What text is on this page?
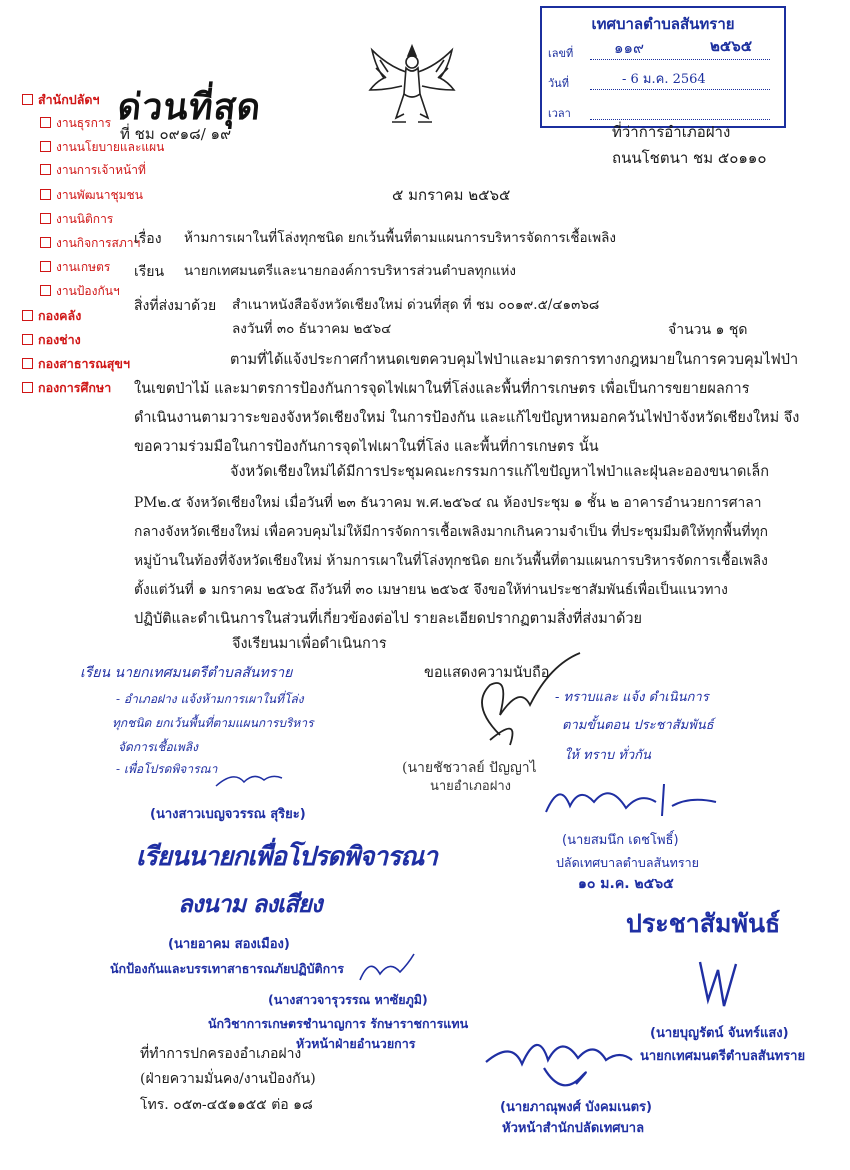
เทศบาลตำบลสันทราย
เลขที่	๑๑๙	๒๕๖๕
วันที่	- 6 ม.ค. 2564
เวลา
สำนักปลัดฯ
งานธุรการ
งานนโยบายและแผน
งานการเจ้าหน้าที่
งานพัฒนาชุมชน
งานนิติการ
งานกิจการสภาฯ
งานเกษตร
งานป้องกันฯ
กองคลัง
กองช่าง
กองสาธารณสุขฯ
กองการศึกษา
ด่วนที่สุด
ที่ ชม ๐๙๑๘/ ๑๙	ที่ว่าการอำเภอฝาง
ถนนโชตนา ชม ๕๐๑๑๐
๕ มกราคม ๒๕๖๕
เรื่อง ห้ามการเผาในที่โล่งทุกชนิด ยกเว้นพื้นที่ตามแผนการบริหารจัดการเชื้อเพลิง
เรียน นายกเทศมนตรีและนายกองค์การบริหารส่วนตำบลทุกแห่ง
สิ่งที่ส่งมาด้วย สำเนาหนังสือจังหวัดเชียงใหม่ ด่วนที่สุด ที่ ชม ๐๐๑๙.๕/๔๑๓๖๘
ลงวันที่ ๓๐ ธันวาคม ๒๕๖๔	จำนวน ๑ ชุด
ตามที่ได้แจ้งประกาศกำหนดเขตควบคุมไฟป่าและมาตรการทางกฎหมายในการควบคุมไฟป่า
ในเขตป่าไม้ และมาตรการป้องกันการจุดไฟเผาในที่โล่งและพื้นที่การเกษตร เพื่อเป็นการขยายผลการ
ดำเนินงานตามวาระของจังหวัดเชียงใหม่ ในการป้องกัน และแก้ไขปัญหาหมอกควันไฟป่าจังหวัดเชียงใหม่ จึง
ขอความร่วมมือในการป้องกันการจุดไฟเผาในที่โล่ง และพื้นที่การเกษตร นั้น
จังหวัดเชียงใหม่ได้มีการประชุมคณะกรรมการแก้ไขปัญหาไฟป่าและฝุ่นละอองขนาดเล็ก
PM๒.๕ จังหวัดเชียงใหม่ เมื่อวันที่ ๒๓ ธันวาคม พ.ศ.๒๕๖๔ ณ ห้องประชุม ๑ ชั้น ๒ อาคารอำนวยการศาลา
กลางจังหวัดเชียงใหม่ เพื่อควบคุมไม่ให้มีการจัดการเชื้อเพลิงมากเกินความจำเป็น ที่ประชุมมีมติให้ทุกพื้นที่ทุก
หมู่บ้านในท้องที่จังหวัดเชียงใหม่ ห้ามการเผาในที่โล่งทุกชนิด ยกเว้นพื้นที่ตามแผนการบริหารจัดการเชื้อเพลิง
ตั้งแต่วันที่ ๑ มกราคม ๒๕๖๕ ถึงวันที่ ๓๐ เมษายน ๒๕๖๕ จึงขอให้ท่านประชาสัมพันธ์เพื่อเป็นแนวทาง
ปฏิบัติและดำเนินการในส่วนที่เกี่ยวข้องต่อไป รายละเอียดปรากฏตามสิ่งที่ส่งมาด้วย
จึงเรียนมาเพื่อดำเนินการ
ขอแสดงความนับถือ
(นายชัชวาลย์ ปัญญาไ
นายอำเภอฝาง
ที่ทำการปกครองอำเภอฝาง
(ฝ่ายความมั่นคง/งานป้องกัน)
โทร. ๐๕๓-๔๕๑๑๕๕ ต่อ ๑๘
เรียน นายกเทศมนตรีตำบลสันทราย
- อำเภอฝาง แจ้งห้ามการเผาในที่โล่ง
ทุกชนิด ยกเว้นพื้นที่ตามแผนการบริหาร
จัดการเชื้อเพลิง
- เพื่อโปรดพิจารณา
(นางสาวเบญจวรรณ สุริยะ)
เรียนนายกเพื่อโปรดพิจารณา
ลงนาม ลงเสียง
(นายอาคม สองเมือง)
นักป้องกันและบรรเทาสาธารณภัยปฏิบัติการ
(นางสาวจารุวรรณ หาซัยภูมิ)
นักวิชาการเกษตรชำนาญการ รักษาราชการแทน
หัวหน้าฝ่ายอำนวยการ
- ทราบและ แจ้ง ดำเนินการ
ตามขั้นตอน ประชาสัมพันธ์
ให้ ทราบ ทั่วกัน
(นายสมนึก เดชโพธิ์)
ปลัดเทศบาลตำบลสันทราย
๑๐ ม.ค. ๒๕๖๕
ประชาสัมพันธ์
(นายบุญรัตน์ จันทร์แสง)
นายกเทศมนตรีตำบลสันทราย
(นายภาณุพงศ์ บังคมเนตร)
หัวหน้าสำนักปลัดเทศบาล
